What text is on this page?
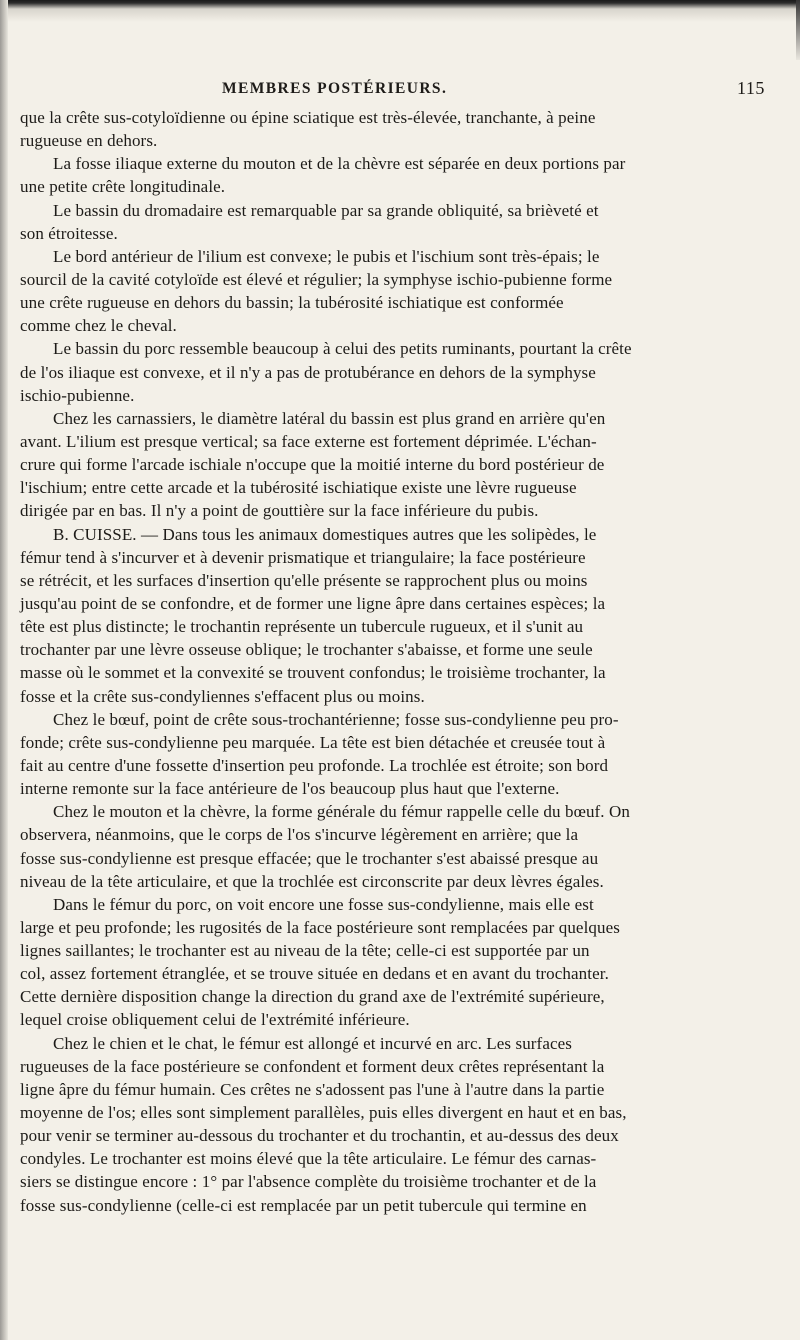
MEMBRES POSTÉRIEURS.	115
que la crête sus-cotyloïdienne ou épine sciatique est très-élevée, tranchante, à peine
rugueuse en dehors.
La fosse iliaque externe du mouton et de la chèvre est séparée en deux portions par
une petite crête longitudinale.
Le bassin du dromadaire est remarquable par sa grande obliquité, sa brièveté et
son étroitesse.
Le bord antérieur de l'ilium est convexe; le pubis et l'ischium sont très-épais; le
sourcil de la cavité cotyloïde est élevé et régulier; la symphyse ischio-pubienne forme
une crête rugueuse en dehors du bassin; la tubérosité ischiatique est conformée
comme chez le cheval.
Le bassin du porc ressemble beaucoup à celui des petits ruminants, pourtant la crête
de l'os iliaque est convexe, et il n'y a pas de protubérance en dehors de la symphyse
ischio-pubienne.
Chez les carnassiers, le diamètre latéral du bassin est plus grand en arrière qu'en
avant. L'ilium est presque vertical; sa face externe est fortement déprimée. L'échan-
crure qui forme l'arcade ischiale n'occupe que la moitié interne du bord postérieur de
l'ischium; entre cette arcade et la tubérosité ischiatique existe une lèvre rugueuse
dirigée par en bas. Il n'y a point de gouttière sur la face inférieure du pubis.
B. CUISSE. — Dans tous les animaux domestiques autres que les solipèdes, le
fémur tend à s'incurver et à devenir prismatique et triangulaire; la face postérieure
se rétrécit, et les surfaces d'insertion qu'elle présente se rapprochent plus ou moins
jusqu'au point de se confondre, et de former une ligne âpre dans certaines espèces; la
tête est plus distincte; le trochantin représente un tubercule rugueux, et il s'unit au
trochanter par une lèvre osseuse oblique; le trochanter s'abaisse, et forme une seule
masse où le sommet et la convexité se trouvent confondus; le troisième trochanter, la
fosse et la crête sus-condyliennes s'effacent plus ou moins.
Chez le bœuf, point de crête sous-trochantérienne; fosse sus-condylienne peu pro-
fonde; crête sus-condylienne peu marquée. La tête est bien détachée et creusée tout à
fait au centre d'une fossette d'insertion peu profonde. La trochlée est étroite; son bord
interne remonte sur la face antérieure de l'os beaucoup plus haut que l'externe.
Chez le mouton et la chèvre, la forme générale du fémur rappelle celle du bœuf. On
observera, néanmoins, que le corps de l'os s'incurve légèrement en arrière; que la
fosse sus-condylienne est presque effacée; que le trochanter s'est abaissé presque au
niveau de la tête articulaire, et que la trochlée est circonscrite par deux lèvres égales.
Dans le fémur du porc, on voit encore une fosse sus-condylienne, mais elle est
large et peu profonde; les rugosités de la face postérieure sont remplacées par quelques
lignes saillantes; le trochanter est au niveau de la tête; celle-ci est supportée par un
col, assez fortement étranglée, et se trouve située en dedans et en avant du trochanter.
Cette dernière disposition change la direction du grand axe de l'extrémité supérieure,
lequel croise obliquement celui de l'extrémité inférieure.
Chez le chien et le chat, le fémur est allongé et incurvé en arc. Les surfaces
rugueuses de la face postérieure se confondent et forment deux crêtes représentant la
ligne âpre du fémur humain. Ces crêtes ne s'adossent pas l'une à l'autre dans la partie
moyenne de l'os; elles sont simplement parallèles, puis elles divergent en haut et en bas,
pour venir se terminer au-dessous du trochanter et du trochantin, et au-dessus des deux
condyles. Le trochanter est moins élevé que la tête articulaire. Le fémur des carnas-
siers se distingue encore : 1° par l'absence complète du troisième trochanter et de la
fosse sus-condylienne (celle-ci est remplacée par un petit tubercule qui termine en
